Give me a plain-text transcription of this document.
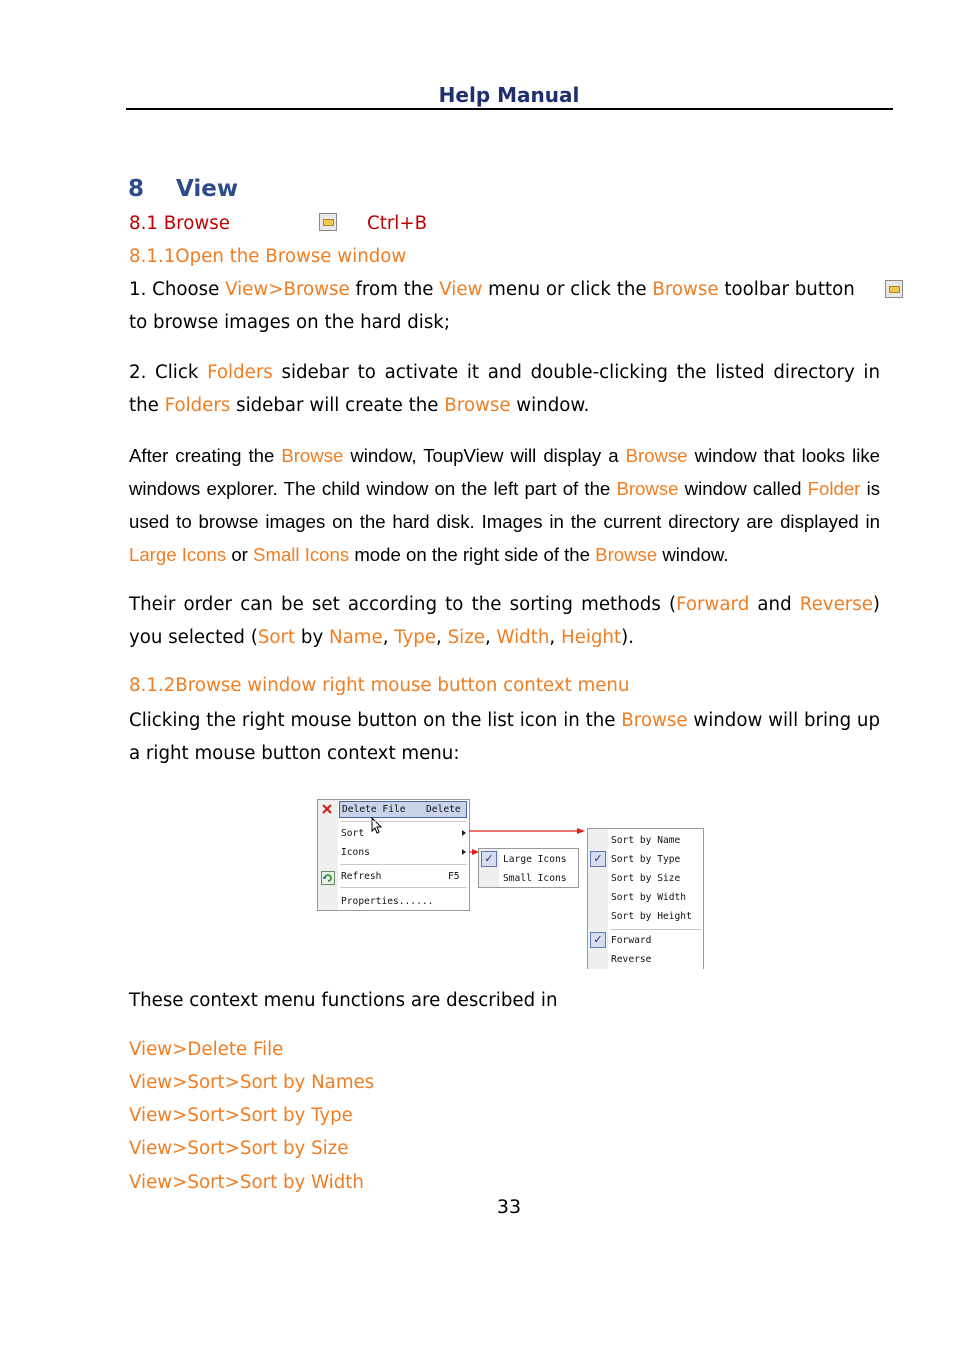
Help Manual
8 View
8.1 Browse
	Ctrl+B
8.1.1Open the Browse window
1. Choose View>Browse from the View menu or click the Browse toolbar button
to browse images on the hard disk;
2. Click Folders sidebar to activate it and double-clicking the listed directory in the Folders sidebar will create the Browse window.
After creating the Browse window, ToupView will display a Browse window that looks like windows explorer. The child window on the left part of the Browse window called Folder is used to browse images on the hard disk. Images in the current directory are displayed in Large Icons or Small Icons mode on the right side of the Browse window.
Their order can be set according to the sorting methods (Forward and Reverse) you selected (Sort by Name, Type, Size, Width, Height).
8.1.2Browse window right mouse button context menu
Clicking the right mouse button on the list icon in the Browse window will bring up a right mouse button context menu:
Delete File Delete
Sort
Icons
Refresh	F5
Properties......
✓ Large Icons
Small Icons
Sort by Name
✓ Sort by Type
Sort by Size
Sort by Width
Sort by Height
✓ Forward
Reverse
These context menu functions are described in
View>Delete File
View>Sort>Sort by Names
View>Sort>Sort by Type
View>Sort>Sort by Size
View>Sort>Sort by Width
33
